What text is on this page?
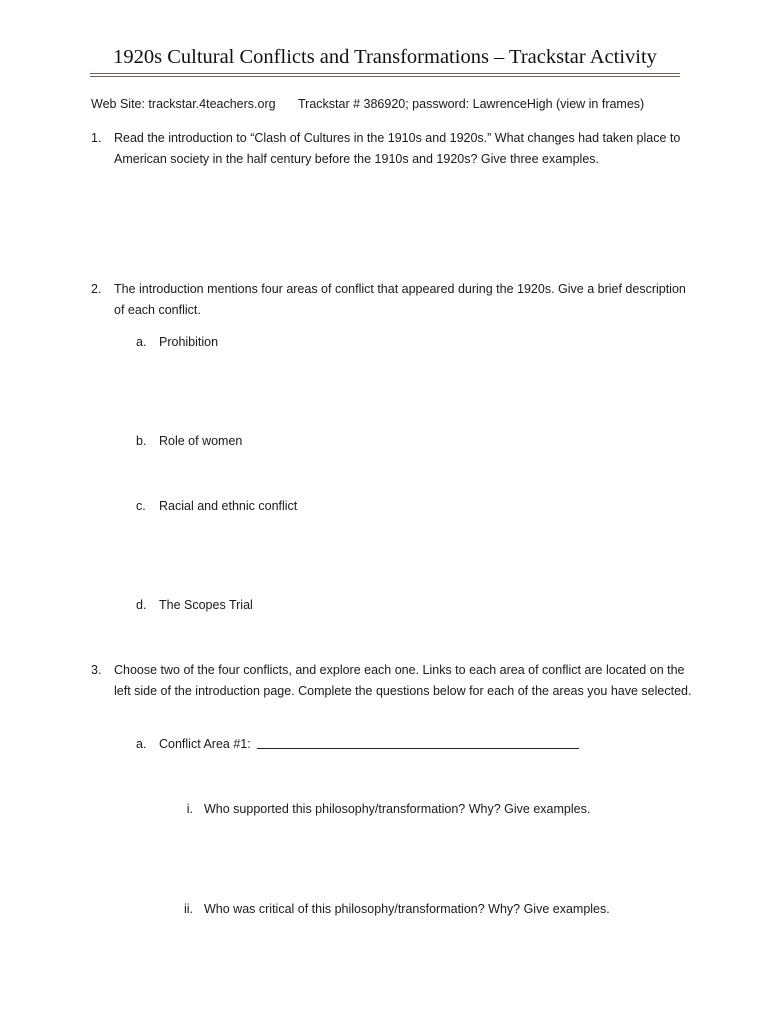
1920s Cultural Conflicts and Transformations – Trackstar Activity
Web Site: trackstar.4teachers.org Trackstar # 386920; password: LawrenceHigh (view in frames)
1. Read the introduction to “Clash of Cultures in the 1910s and 1920s.” What changes had taken place to American society in the half century before the 1910s and 1920s? Give three examples.
2. The introduction mentions four areas of conflict that appeared during the 1920s. Give a brief description of each conflict.
a. Prohibition
b. Role of women
c. Racial and ethnic conflict
d. The Scopes Trial
3. Choose two of the four conflicts, and explore each one. Links to each area of conflict are located on the left side of the introduction page. Complete the questions below for each of the areas you have selected.
a. Conflict Area #1:
i. Who supported this philosophy/transformation? Why? Give examples.
ii. Who was critical of this philosophy/transformation? Why? Give examples.
